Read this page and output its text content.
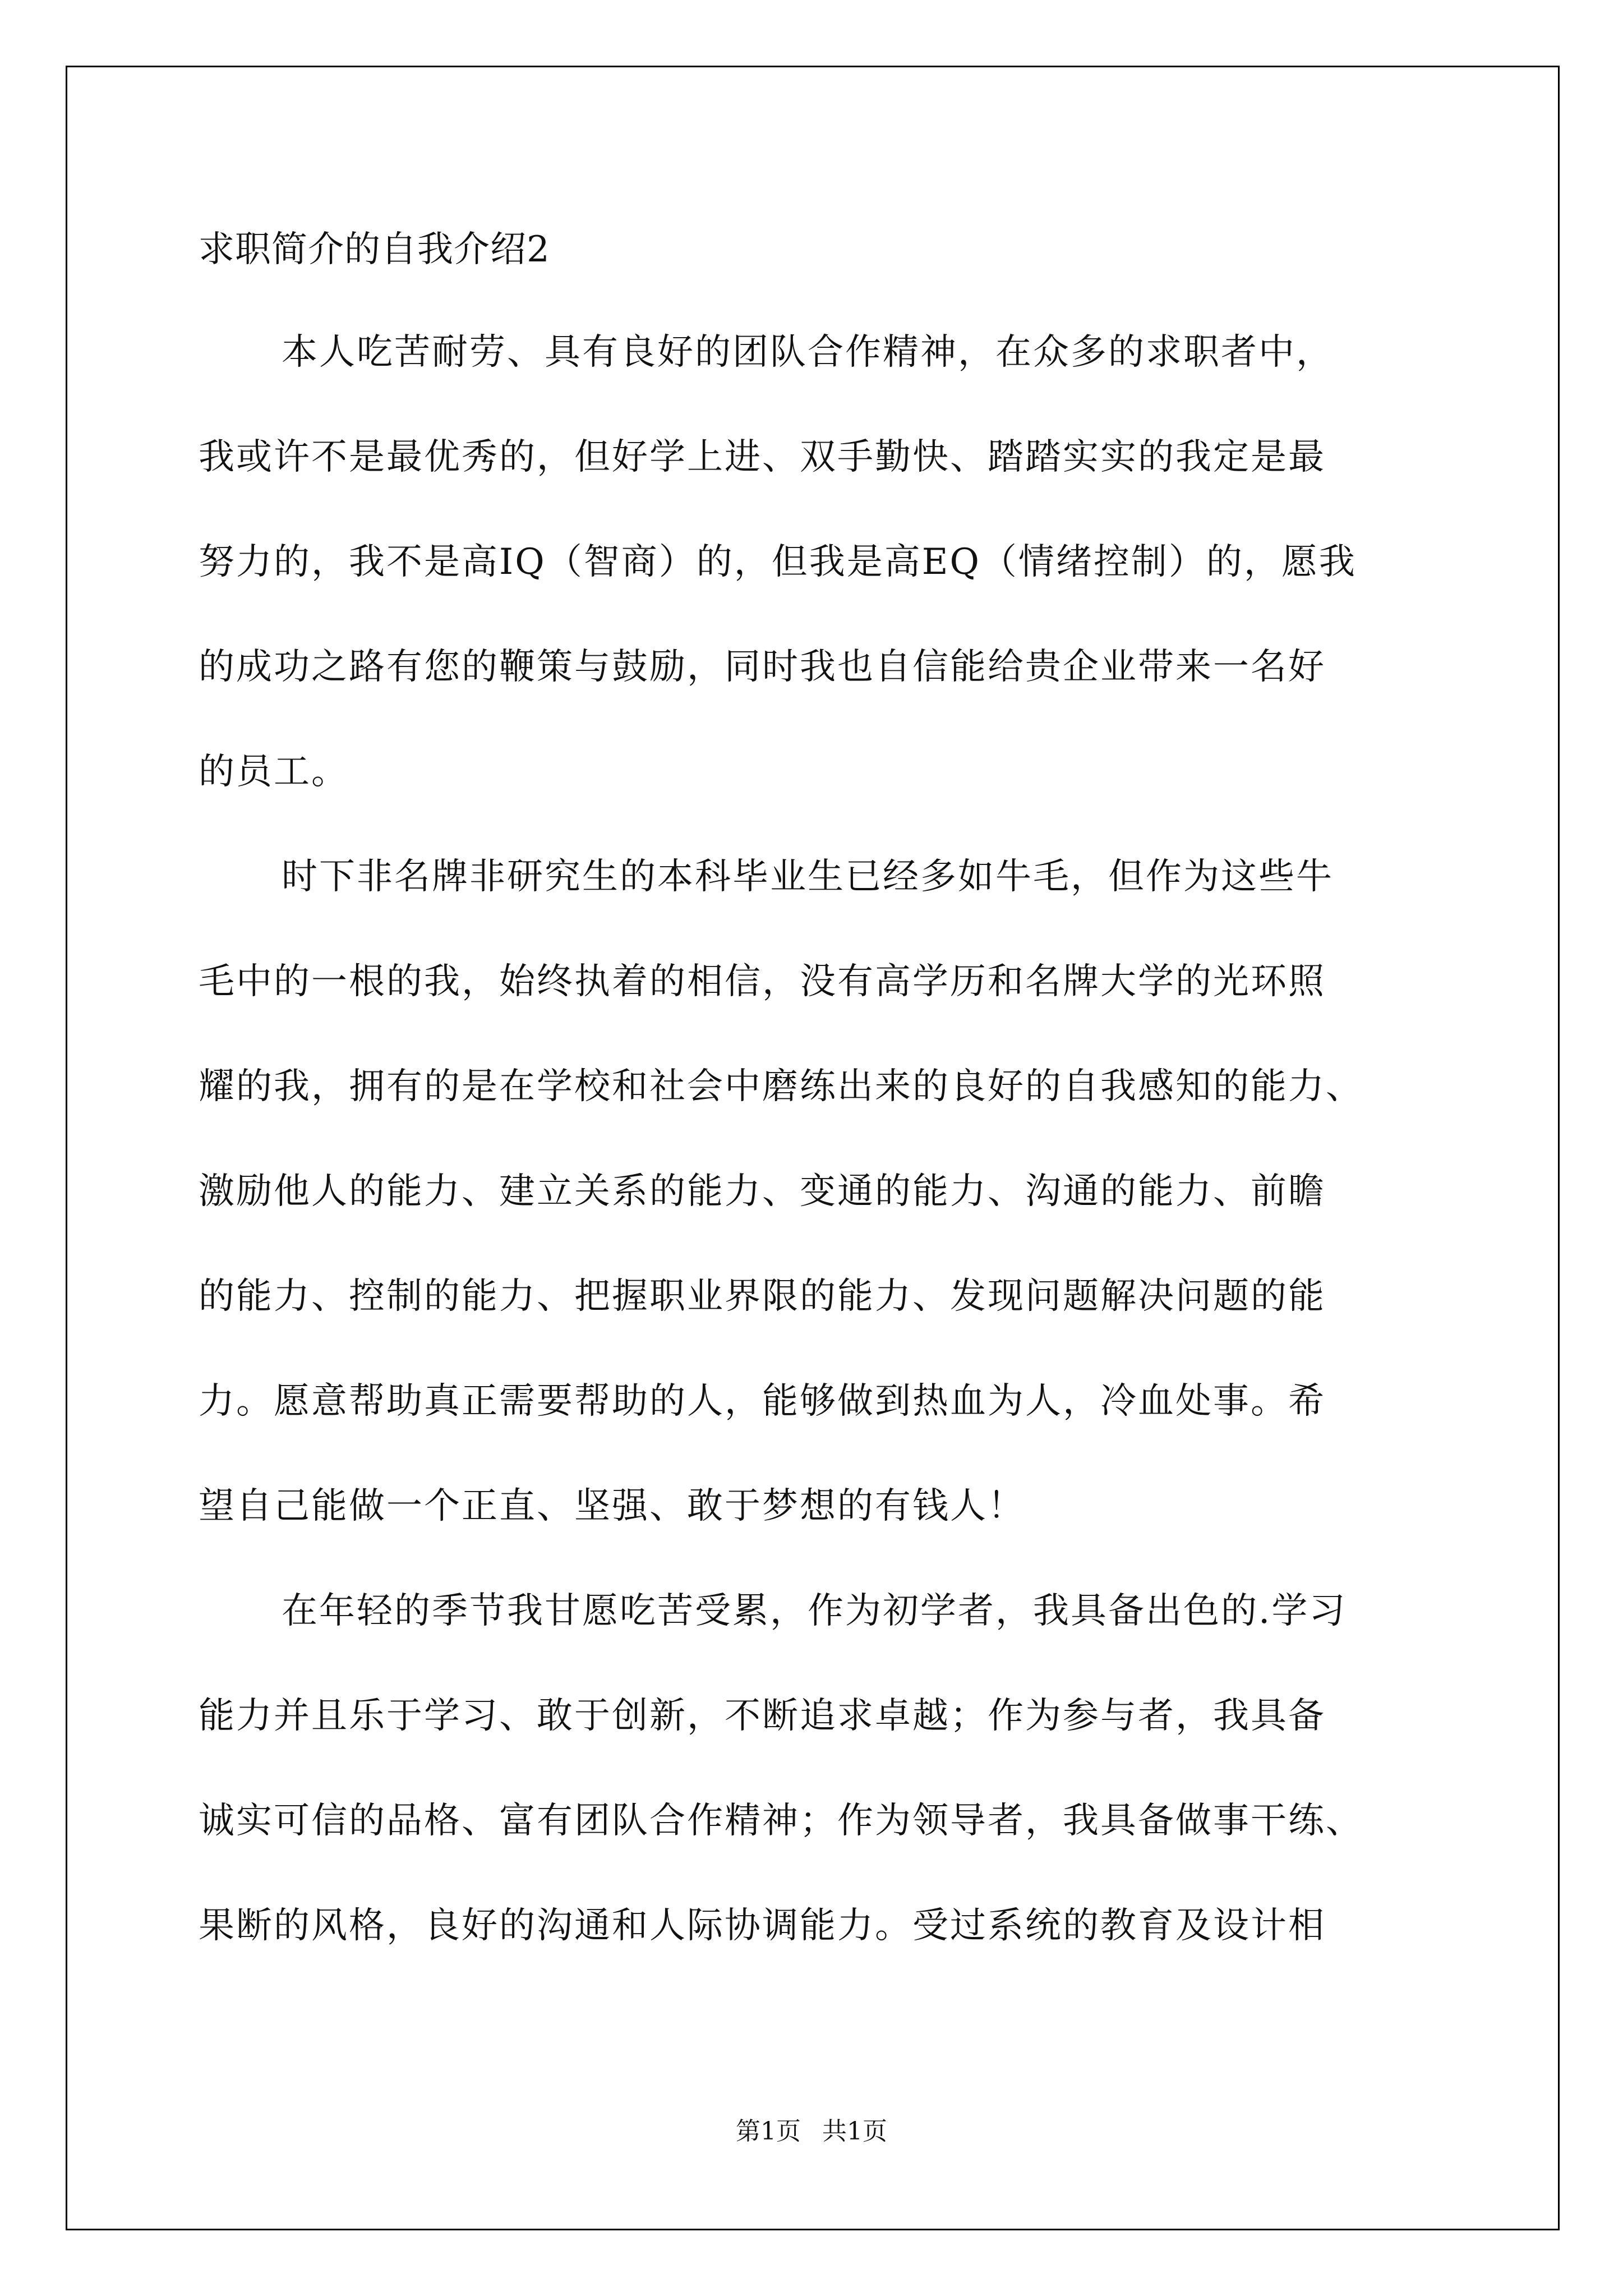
求职简介的自我介绍2
本人吃苦耐劳、具有良好的团队合作精神，在众多的求职者中，
我或许不是最优秀的，但好学上进、双手勤快、踏踏实实的我定是最
努力的，我不是高IQ（智商）的，但我是高EQ（情绪控制）的，愿我
的成功之路有您的鞭策与鼓励，同时我也自信能给贵企业带来一名好
的员工。
时下非名牌非研究生的本科毕业生已经多如牛毛，但作为这些牛
毛中的一根的我，始终执着的相信，没有高学历和名牌大学的光环照
耀的我，拥有的是在学校和社会中磨练出来的良好的自我感知的能力、
激励他人的能力、建立关系的能力、变通的能力、沟通的能力、前瞻
的能力、控制的能力、把握职业界限的能力、发现问题解决问题的能
力。愿意帮助真正需要帮助的人，能够做到热血为人，冷血处事。希
望自己能做一个正直、坚强、敢于梦想的有钱人！
在年轻的季节我甘愿吃苦受累，作为初学者，我具备出色的.学习
能力并且乐于学习、敢于创新，不断追求卓越；作为参与者，我具备
诚实可信的品格、富有团队合作精神；作为领导者，我具备做事干练、
果断的风格，良好的沟通和人际协调能力。受过系统的教育及设计相
第1页 共1页
